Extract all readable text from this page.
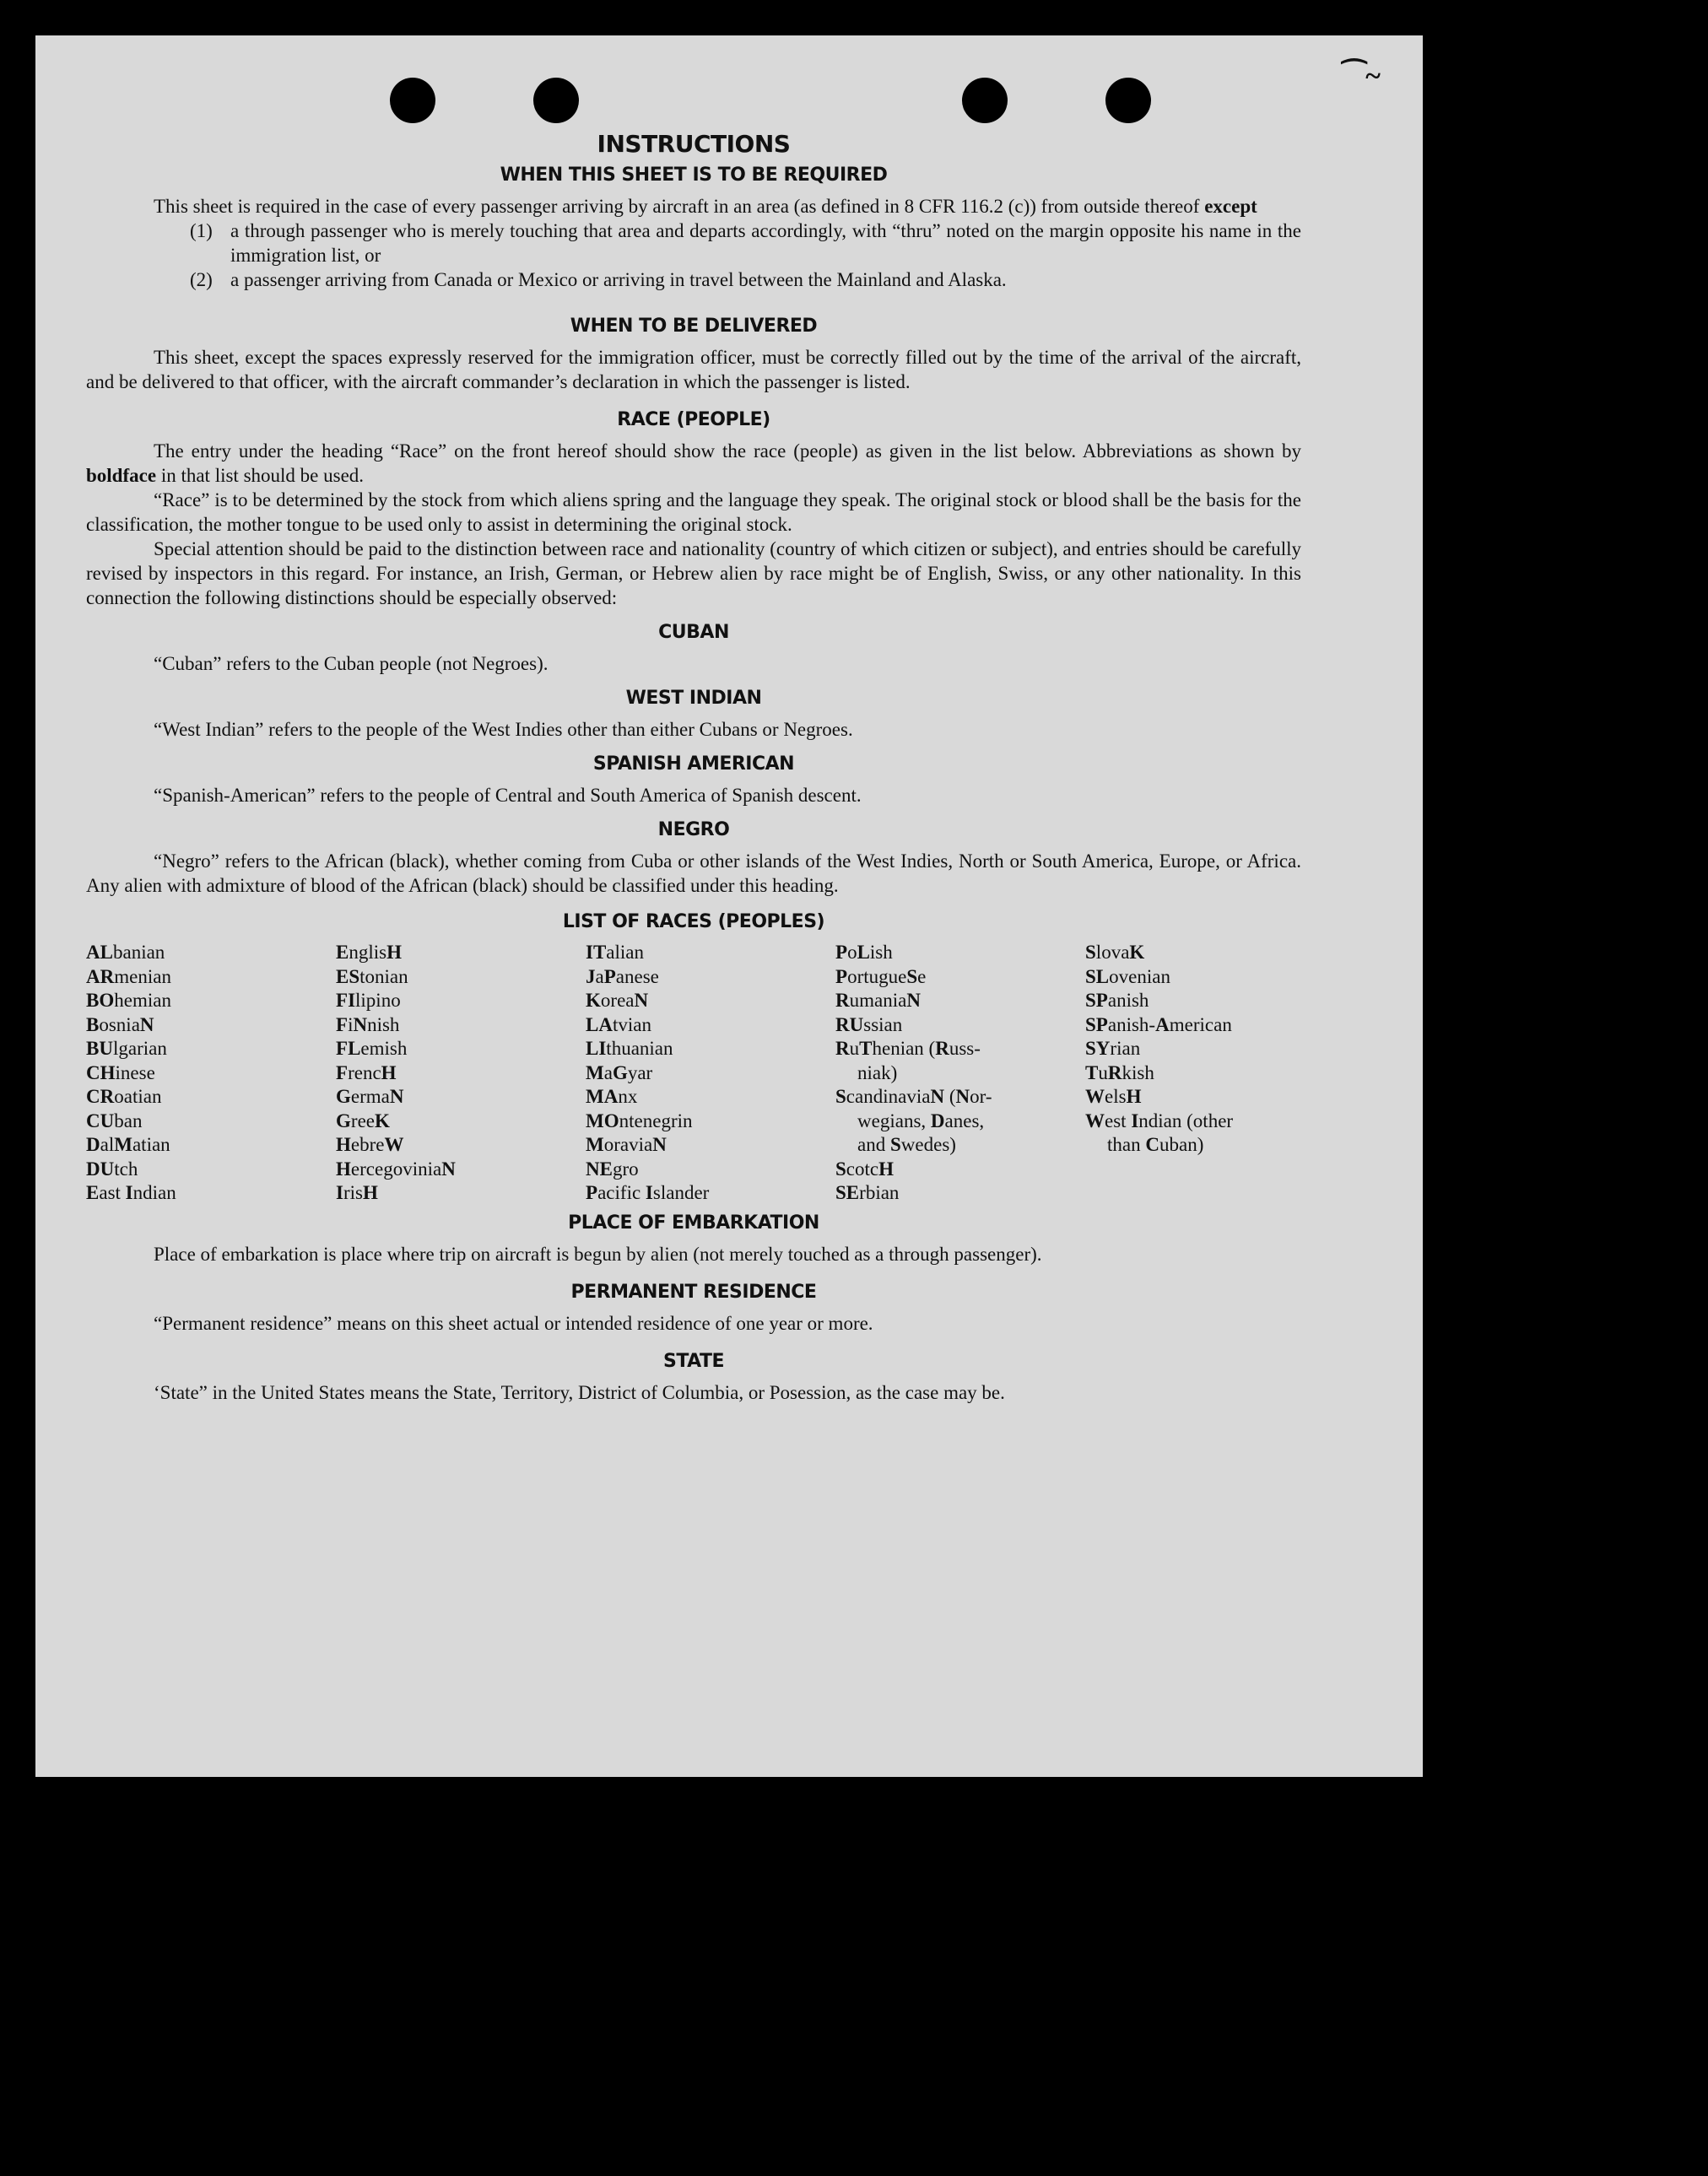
⁀~
INSTRUCTIONS
WHEN THIS SHEET IS TO BE REQUIRED

This sheet is required in the case of every passenger arriving by aircraft in an area (as defined in 8 CFR 116.2 (c)) from outside thereof except

(1) a through passenger who is merely touching that area and departs accordingly, with “thru” noted on the margin opposite his name in the immigration list, or
(2) a passenger arriving from Canada or Mexico or arriving in travel between the Mainland and Alaska.
WHEN TO BE DELIVERED

This sheet, except the spaces expressly reserved for the immigration officer, must be correctly filled out by the time of the arrival of the aircraft, and be delivered to that officer, with the aircraft commander’s declaration in which the passenger is listed.

RACE (PEOPLE)

The entry under the heading “Race” on the front hereof should show the race (people) as given in the list below. Abbreviations as shown by boldface in that list should be used.

“Race” is to be determined by the stock from which aliens spring and the language they speak. The original stock or blood shall be the basis for the classification, the mother tongue to be used only to assist in determining the original stock.

Special attention should be paid to the distinction between race and nationality (country of which citizen or subject), and entries should be carefully revised by inspectors in this regard. For instance, an Irish, German, or Hebrew alien by race might be of English, Swiss, or any other nationality. In this connection the following distinctions should be especially observed:

CUBAN

“Cuban” refers to the Cuban people (not Negroes).

WEST INDIAN

“West Indian” refers to the people of the West Indies other than either Cubans or Negroes.

SPANISH AMERICAN

“Spanish-American” refers to the people of Central and South America of Spanish descent.

NEGRO

“Negro” refers to the African (black), whether coming from Cuba or other islands of the West Indies, North or South America, Europe, or Africa. Any alien with admixture of blood of the African (black) should be classified under this heading.

LIST OF RACES (PEOPLES)
ALbanian
ARmenian
BOhemian
BosniaN
BUlgarian
CHinese
CRoatian
CUban
DalMatian
DUtch
East Indian
EnglisH
EStonian
FIlipino
FiNnish
FLemish
FrencH
GermaN
GreeK
HebreW
HercegoviniaN
IrisH
ITalian
JaPanese
KoreaN
LAtvian
LIthuanian
MaGyar
MAnx
MOntenegrin
MoraviaN
NEgro
Pacific Islander
PoLish
PortugueSe
RumaniaN
RUssian
RuThenian (Russ-
niak)
ScandinaviaN (Nor-
wegians, Danes,
and Swedes)
ScotcH
SErbian
SlovaK
SLovenian
SPanish
SPanish-American
SYrian
TuRkish
WelsH
West Indian (other
than Cuban)
PLACE OF EMBARKATION

Place of embarkation is place where trip on aircraft is begun by alien (not merely touched as a through passenger).

PERMANENT RESIDENCE

“Permanent residence” means on this sheet actual or intended residence of one year or more.

STATE

‘State” in the United States means the State, Territory, District of Columbia, or Posession, as the case may be.
